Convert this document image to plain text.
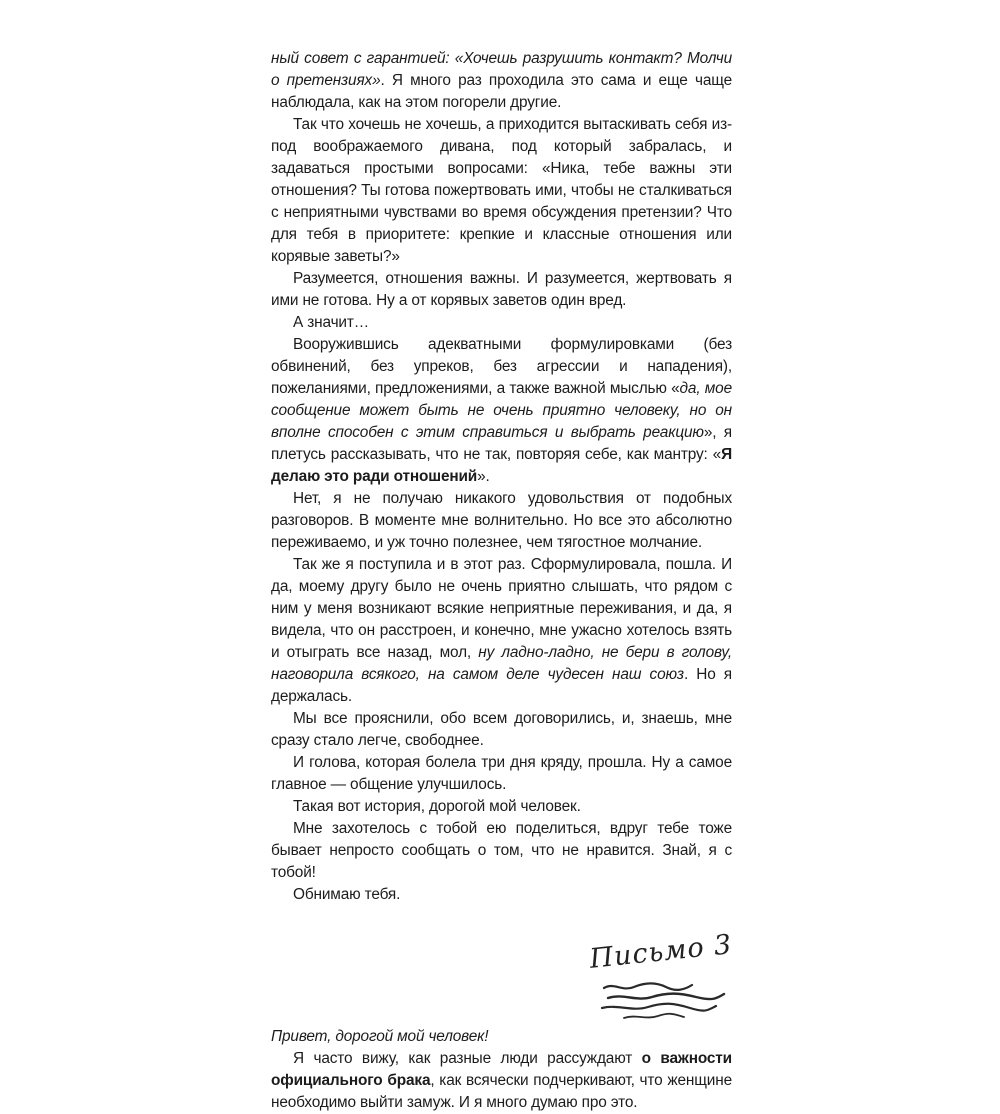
ный совет с гарантией: «Хочешь разрушить контакт? Молчи о претензиях». Я много раз проходила это сама и еще чаще наблюдала, как на этом погорели другие.

Так что хочешь не хочешь, а приходится вытаскивать себя из-под воображаемого дивана, под который забралась, и задаваться простыми вопросами: «Ника, тебе важны эти отношения? Ты готова пожертвовать ими, чтобы не сталкиваться с неприятными чувствами во время обсуждения претензии? Что для тебя в приоритете: крепкие и классные отношения или корявые заветы?»

Разумеется, отношения важны. И разумеется, жертвовать я ими не готова. Ну а от корявых заветов один вред.

А значит…

Вооружившись адекватными формулировками (без обвинений, без упреков, без агрессии и нападения), пожеланиями, предложениями, а также важной мыслью «да, мое сообщение может быть не очень приятно человеку, но он вполне способен с этим справиться и выбрать реакцию», я плетусь рассказывать, что не так, повторяя себе, как мантру: «Я делаю это ради отношений».

Нет, я не получаю никакого удовольствия от подобных разговоров. В моменте мне волнительно. Но все это абсолютно переживаемо, и уж точно полезнее, чем тягостное молчание.

Так же я поступила и в этот раз. Сформулировала, пошла. И да, моему другу было не очень приятно слышать, что рядом с ним у меня возникают всякие неприятные переживания, и да, я видела, что он расстроен, и конечно, мне ужасно хотелось взять и отыграть все назад, мол, ну ладно-ладно, не бери в голову, наговорила всякого, на самом деле чудесен наш союз. Но я держалась.

Мы все прояснили, обо всем договорились, и, знаешь, мне сразу стало легче, свободнее.

И голова, которая болела три дня кряду, прошла. Ну а самое главное — общение улучшилось.

Такая вот история, дорогой мой человек.

Мне захотелось с тобой ею поделиться, вдруг тебе тоже бывает непросто сообщать о том, что не нравится. Знай, я с тобой!

Обнимаю тебя.

Письмо 3

Привет, дорогой мой человек!

Я часто вижу, как разные люди рассуждают о важности официального брака, как всячески подчеркивают, что женщине необходимо выйти замуж. И я много думаю про это.
